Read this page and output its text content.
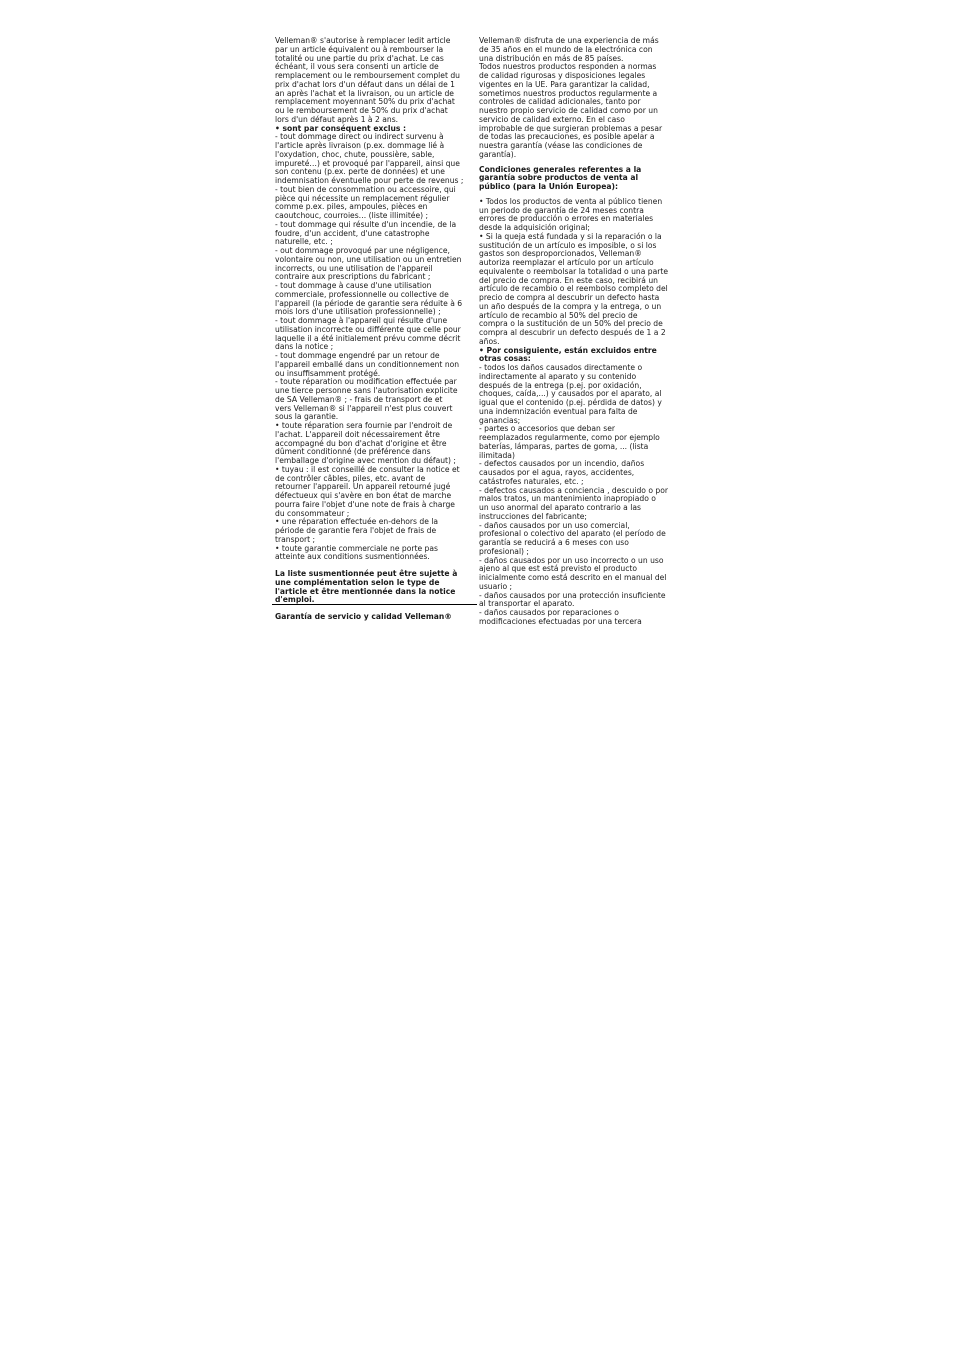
Velleman® s'autorise à remplacer ledit article
par un article équivalent ou à rembourser la
totalité ou une partie du prix d'achat. Le cas
échéant, il vous sera consenti un article de
remplacement ou le remboursement complet du
prix d'achat lors d'un défaut dans un délai de 1
an après l'achat et la livraison, ou un article de
remplacement moyennant 50% du prix d'achat
ou le remboursement de 50% du prix d'achat
lors d'un défaut après 1 à 2 ans.
• sont par conséquent exclus :
- tout dommage direct ou indirect survenu à
l'article après livraison (p.ex. dommage lié à
l'oxydation, choc, chute, poussière, sable,
impureté…) et provoqué par l'appareil, ainsi que
son contenu (p.ex. perte de données) et une
indemnisation éventuelle pour perte de revenus ;
- tout bien de consommation ou accessoire, qui
pièce qui nécessite un remplacement régulier
comme p.ex. piles, ampoules, pièces en
caoutchouc, courroies… (liste illimitée) ;
- tout dommage qui résulte d'un incendie, de la
foudre, d'un accident, d'une catastrophe
naturelle, etc. ;
- out dommage provoqué par une négligence,
volontaire ou non, une utilisation ou un entretien
incorrects, ou une utilisation de l'appareil
contraire aux prescriptions du fabricant ;
- tout dommage à cause d'une utilisation
commerciale, professionnelle ou collective de
l'appareil (la période de garantie sera réduite à 6
mois lors d'une utilisation professionnelle) ;
- tout dommage à l'appareil qui résulte d'une
utilisation incorrecte ou différente que celle pour
laquelle il a été initialement prévu comme décrit
dans la notice ;
- tout dommage engendré par un retour de
l'appareil emballé dans un conditionnement non
ou insuffisamment protégé.
- toute réparation ou modification effectuée par
une tierce personne sans l'autorisation explicite
de SA Velleman® ; - frais de transport de et
vers Velleman® si l'appareil n'est plus couvert
sous la garantie.
• toute réparation sera fournie par l'endroit de
l'achat. L'appareil doit nécessairement être
accompagné du bon d'achat d'origine et être
dûment conditionné (de préférence dans
l'emballage d'origine avec mention du défaut) ;
• tuyau : il est conseillé de consulter la notice et
de contrôler câbles, piles, etc. avant de
retourner l'appareil. Un appareil retourné jugé
défectueux qui s'avère en bon état de marche
pourra faire l'objet d'une note de frais à charge
du consommateur ;
• une réparation effectuée en-dehors de la
période de garantie fera l'objet de frais de
transport ;
• toute garantie commerciale ne porte pas
atteinte aux conditions susmentionnées.
La liste susmentionnée peut être sujette à
une complémentation selon le type de
l'article et être mentionnée dans la notice
d'emploi.
Garantía de servicio y calidad Velleman®
Velleman® disfruta de una experiencia de más
de 35 años en el mundo de la electrónica con
una distribución en más de 85 países.
Todos nuestros productos responden a normas
de calidad rigurosas y disposiciones legales
vigentes en la UE. Para garantizar la calidad,
sometimos nuestros productos regularmente a
controles de calidad adicionales, tanto por
nuestro propio servicio de calidad como por un
servicio de calidad externo. En el caso
improbable de que surgieran problemas a pesar
de todas las precauciones, es posible apelar a
nuestra garantía (véase las condiciones de
garantía).
Condiciones generales referentes a la
garantía sobre productos de venta al
público (para la Unión Europea):
• Todos los productos de venta al público tienen
un periodo de garantía de 24 meses contra
errores de producción o errores en materiales
desde la adquisición original;
• Si la queja está fundada y si la reparación o la
sustitución de un artículo es imposible, o si los
gastos son desproporcionados, Velleman®
autoriza reemplazar el artículo por un artículo
equivalente o reembolsar la totalidad o una parte
del precio de compra. En este caso, recibirá un
artículo de recambio o el reembolso completo del
precio de compra al descubrir un defecto hasta
un año después de la compra y la entrega, o un
artículo de recambio al 50% del precio de
compra o la sustitución de un 50% del precio de
compra al descubrir un defecto después de 1 a 2
años.
• Por consiguiente, están excluidos entre
otras cosas:
- todos los daños causados directamente o
indirectamente al aparato y su contenido
después de la entrega (p.ej. por oxidación,
choques, caída,...) y causados por el aparato, al
igual que el contenido (p.ej. pérdida de datos) y
una indemnización eventual para falta de
ganancias;
- partes o accesorios que deban ser
reemplazados regularmente, como por ejemplo
baterías, lámparas, partes de goma, ... (lista
ilimitada)
- defectos causados por un incendio, daños
causados por el agua, rayos, accidentes,
catástrofes naturales, etc. ;
- defectos causados a conciencia , descuido o por
malos tratos, un mantenimiento inapropiado o
un uso anormal del aparato contrario a las
instrucciones del fabricante;
- daños causados por un uso comercial,
profesional o colectivo del aparato (el período de
garantía se reducirá a 6 meses con uso
profesional) ;
- daños causados por un uso incorrecto o un uso
ajeno al que est está previsto el producto
inicialmente como está descrito en el manual del
usuario ;
- daños causados por una protección insuficiente
al transportar el aparato.
- daños causados por reparaciones o
modificaciones efectuadas por una tercera
